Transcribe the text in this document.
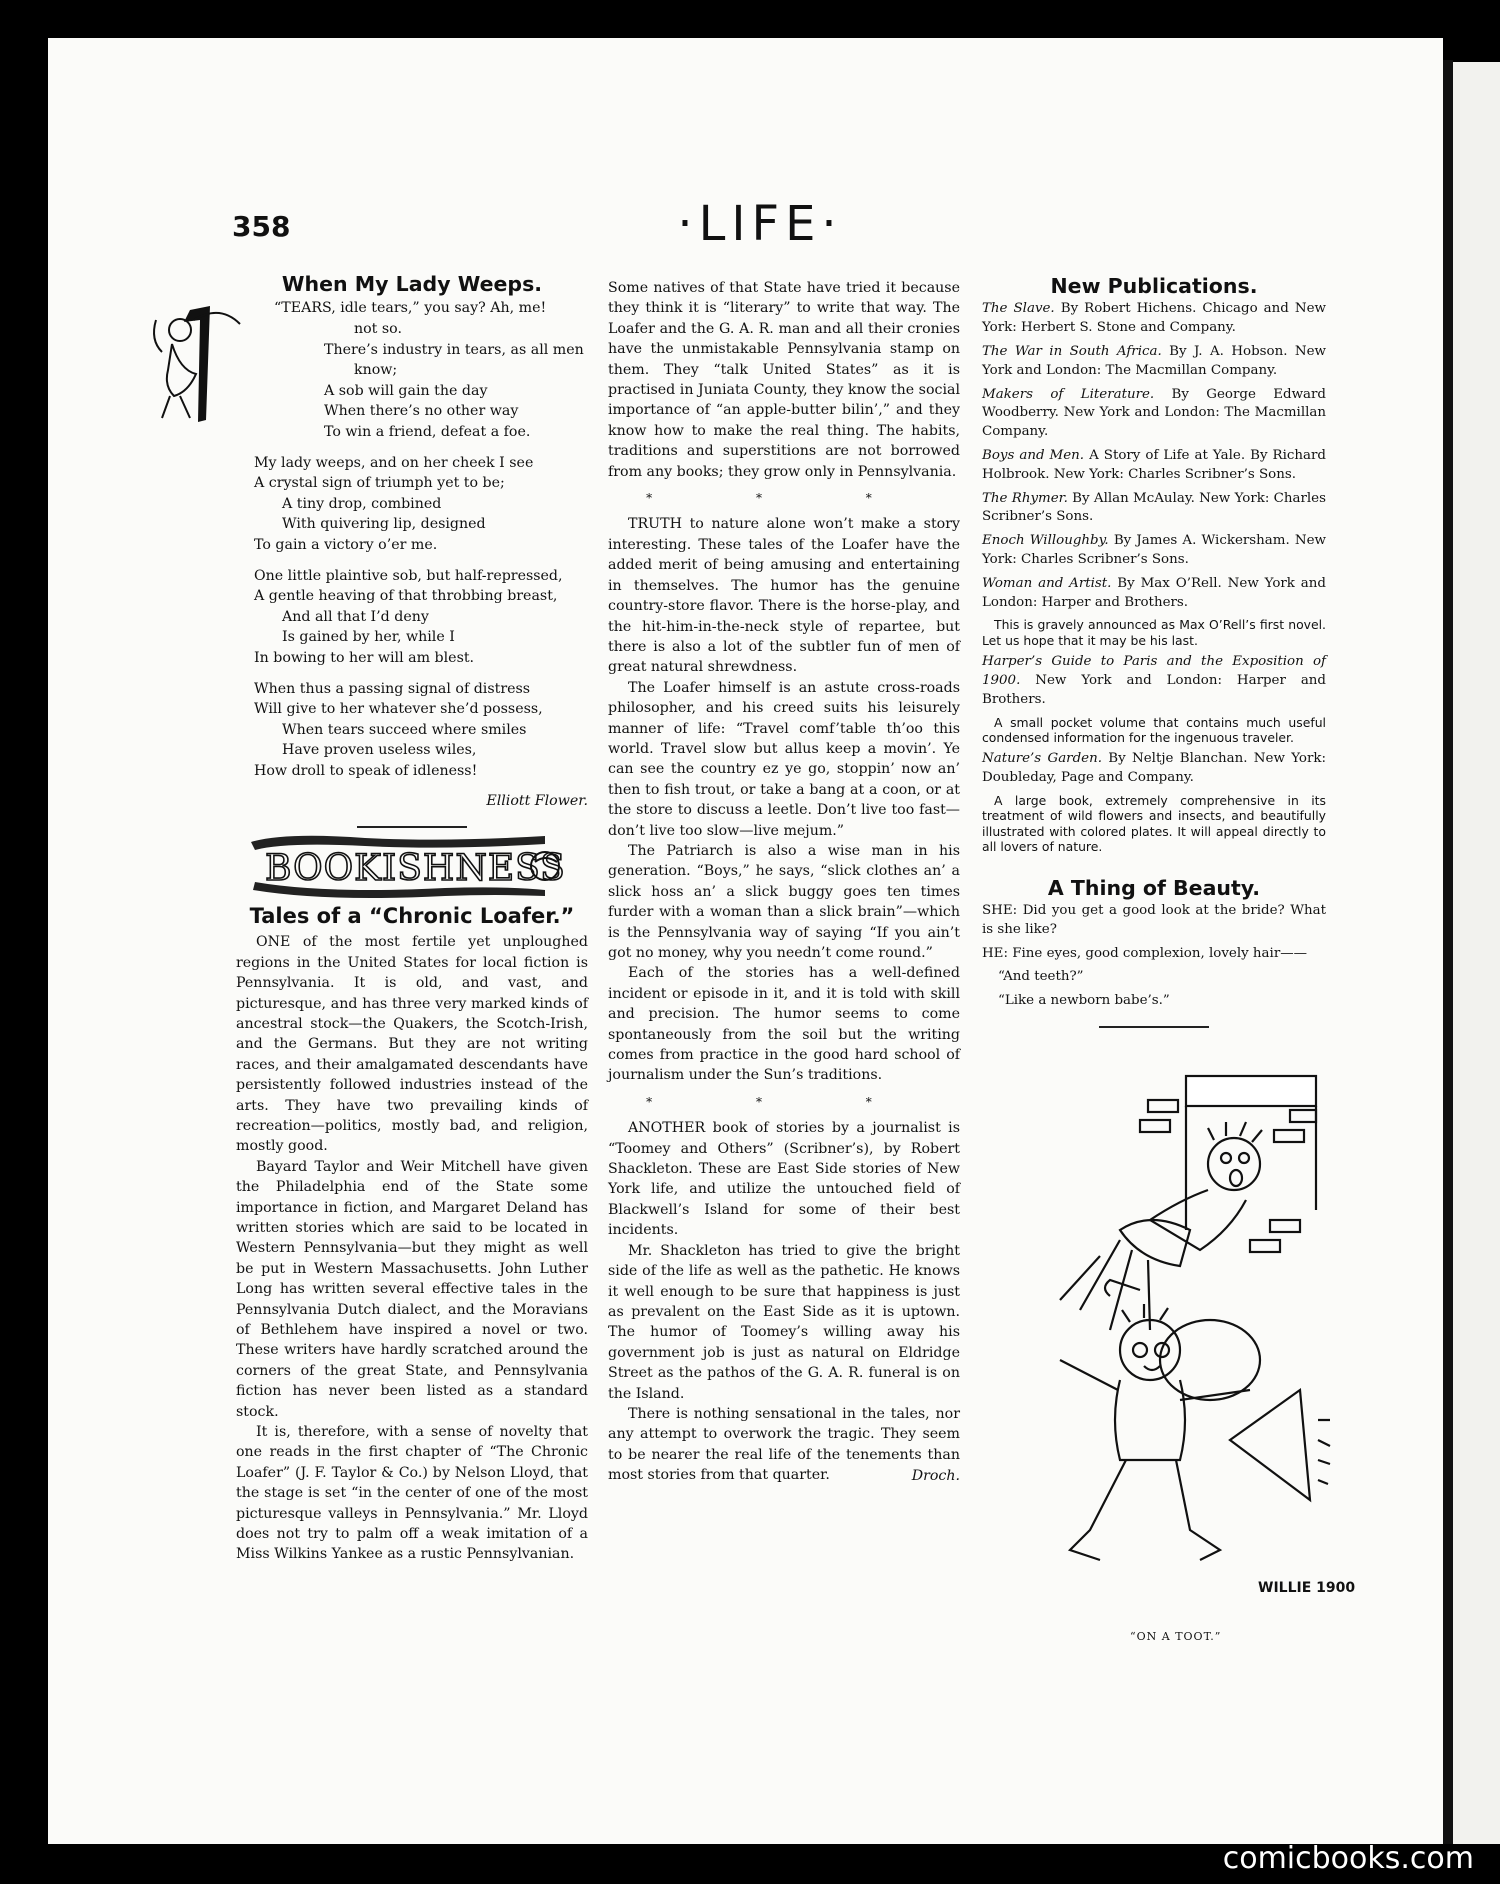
358	·LIFE·
When My Lady Weeps.
“TEARS, idle tears,” you say? Ah, me!
not so.
There’s industry in tears, as all men
know;
A sob will gain the day
When there’s no other way
To win a friend, defeat a foe.
My lady weeps, and on her cheek I see
A crystal sign of triumph yet to be;
A tiny drop, combined
With quivering lip, designed
To gain a victory o’er me.
One little plaintive sob, but half-repressed,
A gentle heaving of that throbbing breast,
And all that I’d deny
Is gained by her, while I
In bowing to her will am blest.
When thus a passing signal of distress
Will give to her whatever she’d possess,
When tears succeed where smiles
Have proven useless wiles,
How droll to speak of idleness!

Elliott Flower.

Tales of a “Chronic Loafer.”

ONE of the most fertile yet unploughed regions in the United States for local fiction is Pennsylvania. It is old, and vast, and picturesque, and has three very marked kinds of ancestral stock—the Quakers, the Scotch-Irish, and the Germans. But they are not writing races, and their amalgamated descendants have persistently followed industries instead of the arts. They have two prevailing kinds of recreation—politics, mostly bad, and religion, mostly good.

Bayard Taylor and Weir Mitchell have given the Philadelphia end of the State some importance in fiction, and Margaret Deland has written stories which are said to be located in Western Pennsylvania—but they might as well be put in Western Massachusetts. John Luther Long has written several effective tales in the Pennsylvania Dutch dialect, and the Moravians of Bethlehem have inspired a novel or two. These writers have hardly scratched around the corners of the great State, and Pennsylvania fiction has never been listed as a standard stock.

It is, therefore, with a sense of novelty that one reads in the first chapter of “The Chronic Loafer” (J. F. Taylor & Co.) by Nelson Lloyd, that the stage is set “in the center of one of the most picturesque valleys in Pennsylvania.” Mr. Lloyd does not try to palm off a weak imitation of a Miss Wilkins Yankee as a rustic Pennsylvanian.

BOOKISHNESS

Some natives of that State have tried it because they think it is “literary” to write that way. The Loafer and the G. A. R. man and all their cronies have the unmistakable Pennsylvania stamp on them. They “talk United States” as it is practised in Juniata County, they know the social importance of “an apple-butter bilin’,” and they know how to make the real thing. The habits, traditions and superstitions are not borrowed from any books; they grow only in Pennsylvania.

* * *

TRUTH to nature alone won’t make a story interesting. These tales of the Loafer have the added merit of being amusing and entertaining in themselves. The humor has the genuine country-store flavor. There is the horse-play, and the hit-him-in-the-neck style of repartee, but there is also a lot of the subtler fun of men of great natural shrewdness.

The Loafer himself is an astute cross-roads philosopher, and his creed suits his leisurely manner of life: “Travel comf’table th’oo this world. Travel slow but allus keep a movin’. Ye can see the country ez ye go, stoppin’ now an’ then to fish trout, or take a bang at a coon, or at the store to discuss a leetle. Don’t live too fast—don’t live too slow—live mejum.”

The Patriarch is also a wise man in his generation. “Boys,” he says, “slick clothes an’ a slick hoss an’ a slick buggy goes ten times furder with a woman than a slick brain”—which is the Pennsylvania way of saying “If you ain’t got no money, why you needn’t come round.”

Each of the stories has a well-defined incident or episode in it, and it is told with skill and precision. The humor seems to come spontaneously from the soil but the writing comes from practice in the good hard school of journalism under the Sun’s traditions.

* * *

ANOTHER book of stories by a journalist is “Toomey and Others” (Scribner’s), by Robert Shackleton. These are East Side stories of New York life, and utilize the untouched field of Blackwell’s Island for some of their best incidents.

Mr. Shackleton has tried to give the bright side of the life as well as the pathetic. He knows it well enough to be sure that happiness is just as prevalent on the East Side as it is uptown. The humor of Toomey’s willing away his government job is just as natural on Eldridge Street as the pathos of the G. A. R. funeral is on the Island.

There is nothing sensational in the tales, nor any attempt to overwork the tragic. They seem to be nearer the real life of the tenements than most stories from that quarter.	Droch.

New Publications.

The Slave. By Robert Hichens. Chicago and New York: Herbert S. Stone and Company.

The War in South Africa. By J. A. Hobson. New York and London: The Macmillan Company.

Makers of Literature. By George Edward Woodberry. New York and London: The Macmillan Company.

Boys and Men. A Story of Life at Yale. By Richard Holbrook. New York: Charles Scribner’s Sons.

The Rhymer. By Allan McAulay. New York: Charles Scribner’s Sons.

Enoch Willoughby. By James A. Wickersham. New York: Charles Scribner’s Sons.

Woman and Artist. By Max O’Rell. New York and London: Harper and Brothers.

This is gravely announced as Max O’Rell’s first novel. Let us hope that it may be his last.

Harper’s Guide to Paris and the Exposition of 1900. New York and London: Harper and Brothers.

A small pocket volume that contains much useful condensed information for the ingenuous traveler.

Nature’s Garden. By Neltje Blanchan. New York: Doubleday, Page and Company.

A large book, extremely comprehensive in its treatment of wild flowers and insects, and beautifully illustrated with colored plates. It will appeal directly to all lovers of nature.

A Thing of Beauty.

SHE: Did you get a good look at the bride? What is she like?

HE: Fine eyes, good complexion, lovely hair——

“And teeth?”

“Like a newborn babe’s.”

WILLIE 1900
“ON A TOOT.”
comicbooks.com
